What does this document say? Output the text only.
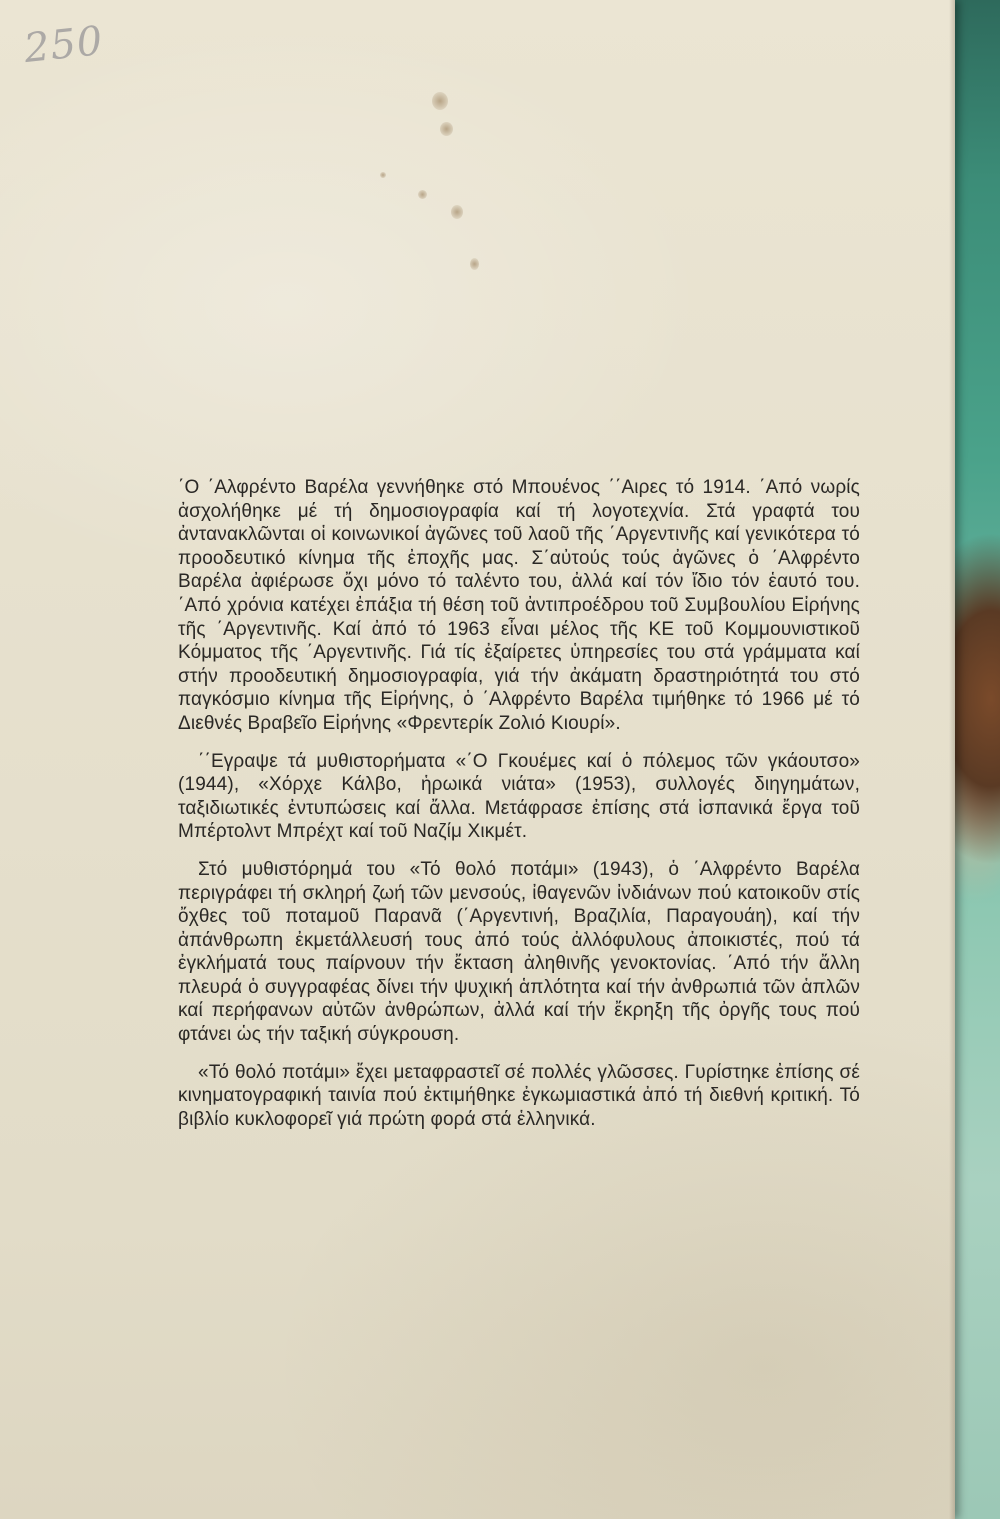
250

΄Ο ΄Αλφρέντο Βαρέλα γεννήθηκε στό Μπουένος ΄΄Αιρες τό 1914. ΄Από νωρίς ἀσχολήθηκε μέ τή δημοσιογραφία καί τή λογοτεχνία. Στά γραφτά του ἀντανακλῶνται οἱ κοινωνικοί ἀγῶνες τοῦ λαοῦ τῆς ΄Αργεντινῆς καί γενικότερα τό προοδευτικό κίνημα τῆς ἐποχῆς μας. Σ΄αὐτούς τούς ἀγῶνες ὁ ΄Αλφρέντο Βαρέλα ἀφιέρωσε ὄχι μόνο τό ταλέντο του, ἀλλά καί τόν ἴδιο τόν ἑαυτό του. ΄Από χρόνια κατέχει ἐπάξια τή θέση τοῦ ἀντιπροέδρου τοῦ Συμβουλίου Εἰρήνης τῆς ΄Αργεντινῆς. Καί ἀπό τό 1963 εἶναι μέλος τῆς ΚΕ τοῦ Κομμουνιστικοῦ Κόμματος τῆς ΄Αργεντινῆς. Γιά τίς ἐξαίρετες ὑπηρεσίες του στά γράμματα καί στήν προοδευτική δημοσιογραφία, γιά τήν ἀκάματη δραστηριότητά του στό παγκόσμιο κίνημα τῆς Εἰρήνης, ὁ ΄Αλφρέντο Βαρέλα τιμήθηκε τό 1966 μέ τό Διεθνές Βραβεῖο Εἰρήνης «Φρεντερίκ Ζολιό Κιουρί».

΄΄Εγραψε τά μυθιστορήματα «΄Ο Γκουέμες καί ὁ πόλεμος τῶν γκάουτσο» (1944), «Χόρχε Κάλβο, ἡρωικά νιάτα» (1953), συλλογές διηγημάτων, ταξιδιωτικές ἐντυπώσεις καί ἄλλα. Μετάφρασε ἐπίσης στά ἱσπανικά ἔργα τοῦ Μπέρτολντ Μπρέχτ καί τοῦ Ναζίμ Χικμέτ.

Στό μυθιστόρημά του «Τό θολό ποτάμι» (1943), ὁ ΄Αλφρέντο Βαρέλα περιγράφει τή σκληρή ζωή τῶν μενσούς, ἰθαγενῶν ἰνδιάνων πού κατοικοῦν στίς ὄχθες τοῦ ποταμοῦ Παρανᾶ (΄Αργεντινή, Βραζιλία, Παραγουάη), καί τήν ἀπάνθρωπη ἐκμετάλλευσή τους ἀπό τούς ἀλλόφυλους ἀποικιστές, πού τά ἐγκλήματά τους παίρνουν τήν ἔκταση ἀληθινῆς γενοκτονίας. ΄Από τήν ἄλλη πλευρά ὁ συγγραφέας δίνει τήν ψυχική ἁπλότητα καί τήν ἀνθρωπιά τῶν ἁπλῶν καί περήφανων αὐτῶν ἀνθρώπων, ἀλλά καί τήν ἔκρηξη τῆς ὀργῆς τους πού φτάνει ὡς τήν ταξική σύγκρουση.

«Τό θολό ποτάμι» ἔχει μεταφραστεῖ σέ πολλές γλῶσσες. Γυρίστηκε ἐπίσης σέ κινηματογραφική ταινία πού ἐκτιμήθηκε ἐγκωμιαστικά ἀπό τή διεθνή κριτική. Τό βιβλίο κυκλοφορεῖ γιά πρώτη φορά στά ἑλληνικά.
